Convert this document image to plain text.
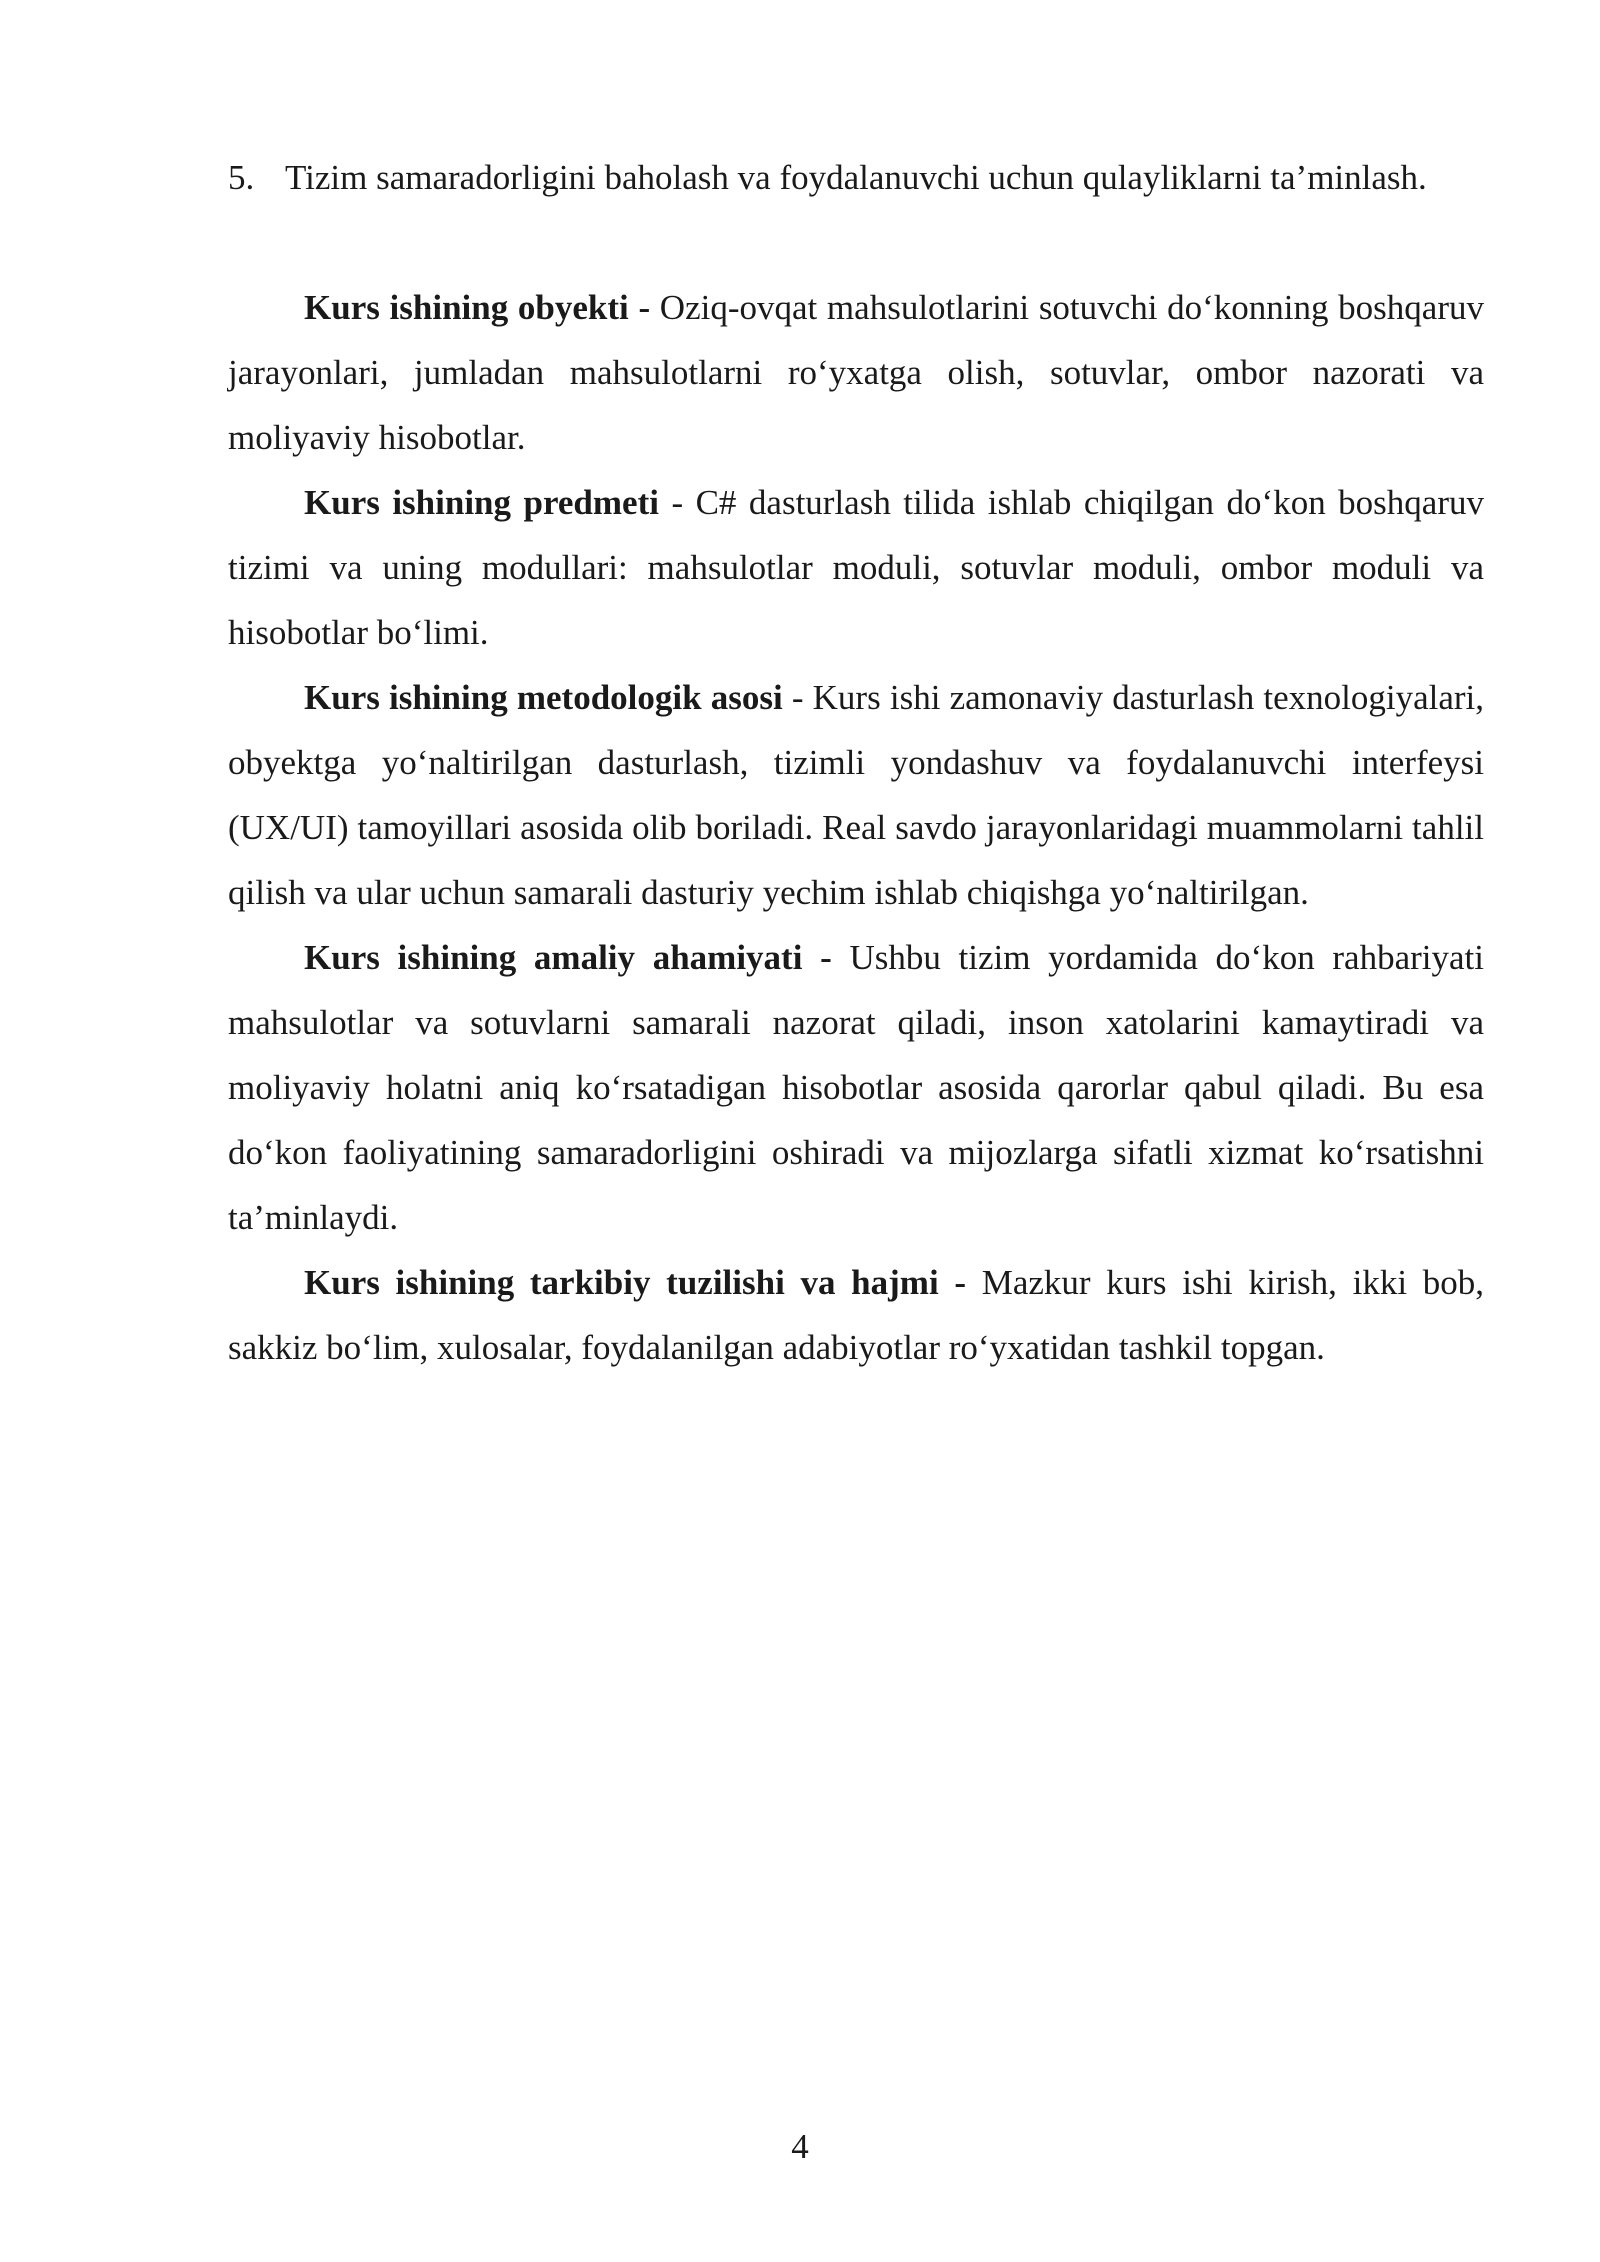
5. Tizim samaradorligini baholash va foydalanuvchi uchun qulayliklarni ta’minlash.

Kurs ishining obyekti - Oziq-ovqat mahsulotlarini sotuvchi do‘konning boshqaruv jarayonlari, jumladan mahsulotlarni ro‘yxatga olish, sotuvlar, ombor nazorati va moliyaviy hisobotlar.

Kurs ishining predmeti - C# dasturlash tilida ishlab chiqilgan do‘kon boshqaruv tizimi va uning modullari: mahsulotlar moduli, sotuvlar moduli, ombor moduli va hisobotlar bo‘limi.

Kurs ishining metodologik asosi - Kurs ishi zamonaviy dasturlash texnologiyalari, obyektga yo‘naltirilgan dasturlash, tizimli yondashuv va foydalanuvchi interfeysi (UX/UI) tamoyillari asosida olib boriladi. Real savdo jarayonlaridagi muammolarni tahlil qilish va ular uchun samarali dasturiy yechim ishlab chiqishga yo‘naltirilgan.

Kurs ishining amaliy ahamiyati - Ushbu tizim yordamida do‘kon rahbariyati mahsulotlar va sotuvlarni samarali nazorat qiladi, inson xatolarini kamaytiradi va moliyaviy holatni aniq ko‘rsatadigan hisobotlar asosida qarorlar qabul qiladi. Bu esa do‘kon faoliyatining samaradorligini oshiradi va mijozlarga sifatli xizmat ko‘rsatishni ta’minlaydi.

Kurs ishining tarkibiy tuzilishi va hajmi - Mazkur kurs ishi kirish, ikki bob, sakkiz bo‘lim, xulosalar, foydalanilgan adabiyotlar ro‘yxatidan tashkil topgan.

4
